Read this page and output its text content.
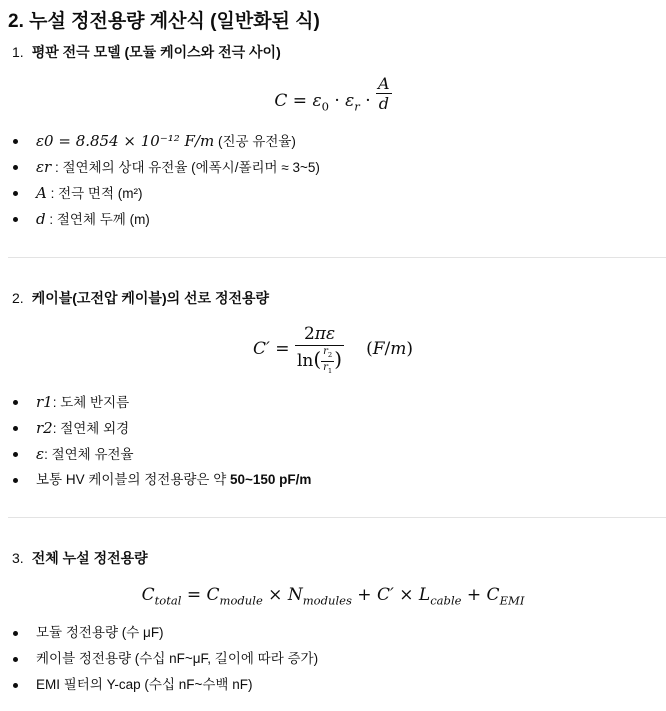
2. 누설 정전용량 계산식 (일반화된 식)
1. 평판 전극 모델 (모듈 케이스와 전극 사이)
$C = \varepsilon_0 \cdot \varepsilon_r \cdot \frac{A}{d}$
ε0 = 8.854 × 10⁻¹² F/m (진공 유전율)
εr : 절연체의 상대 유전율 (에폭시/폴리머 ≈ 3~5)
A : 전극 면적 (m²)
d : 절연체 두께 (m)
2. 케이블(고전압 케이블)의 선로 정전용량
$C' = \frac{2\pi\varepsilon}{\ln( \frac{r_2}{r_1} )} (F/m)$
r1: 도체 반지름
r2: 절연체 외경
ε: 절연체 유전율
보통 HV 케이블의 정전용량은 약 50~150 pF/m
3. 전체 누설 정전용량
$C_{total} = C_{module} \times N_{modules} + C' \times L_{cable} + C_{EMI}$
모듈 정전용량 (수 μF)
케이블 정전용량 (수십 nF~μF, 길이에 따라 증가)
EMI 필터의 Y-cap (수십 nF~수백 nF)
